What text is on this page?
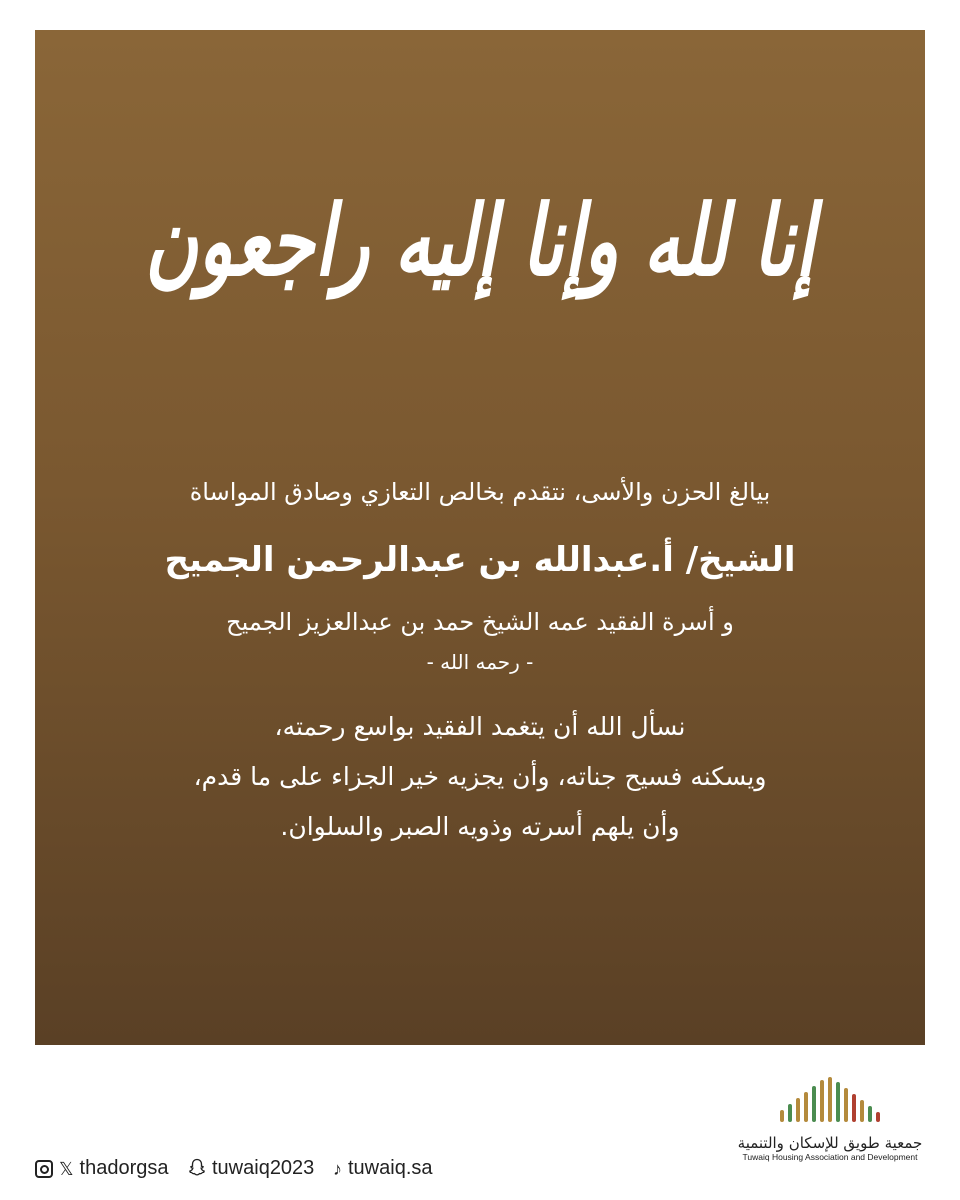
إنا لله وإنا إليه راجعون
بيالغ الحزن والأسى، نتقدم بخالص التعازي وصادق المواساة
الشيخ/ أ.عبدالله بن عبدالرحمن الجميح
و أسرة الفقيد عمه الشيخ حمد بن عبدالعزيز الجميح
- رحمه الله -
نسأل الله أن يتغمد الفقيد بواسع رحمته،
ويسكنه فسيح جناته، وأن يجزيه خير الجزاء على ما قدم،
وأن يلهم أسرته وذويه الصبر والسلوان.
𝕏 thadorgsa tuwaiq2023 ♪ tuwaiq.sa
جمعية طويق للإسكان والتنمية
Tuwaiq Housing Association and Development
